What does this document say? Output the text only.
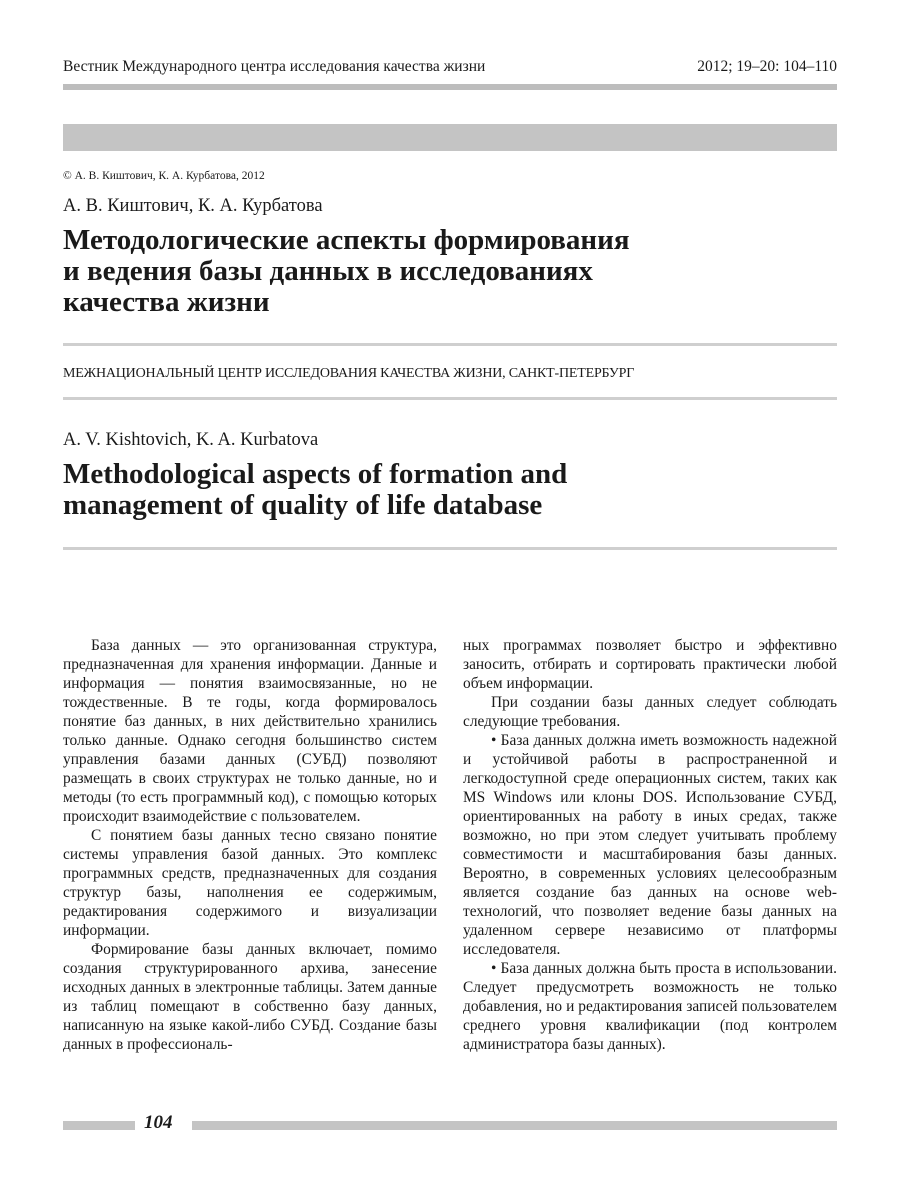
Вестник Международного центра исследования качества жизни	2012; 19–20: 104–110
© А. В. Киштович, К. А. Курбатова, 2012
А. В. Киштович, К. А. Курбатова
Методологические аспекты формирования
и ведения базы данных в исследованиях
качества жизни
МЕЖНАЦИОНАЛЬНЫЙ ЦЕНТР ИССЛЕДОВАНИЯ КАЧЕСТВА ЖИЗНИ, САНКТ-ПЕТЕРБУРГ
A. V. Kishtovich, K. A. Kurbatova
Methodological aspects of formation and
management of quality of life database

База данных — это организованная структура, предназначенная для хранения информации. Данные и информация — понятия взаимосвязанные, но не тождественные. В те годы, когда формировалось понятие баз данных, в них действительно хранились только данные. Однако сегодня большинство систем управления базами данных (СУБД) позволяют размещать в своих структурах не только данные, но и методы (то есть программный код), с помощью которых происходит взаимодействие с пользователем.

С понятием базы данных тесно связано понятие системы управления базой данных. Это комплекс программных средств, предназначенных для создания структур базы, наполнения ее содержимым, редактирования содержимого и визуализации информации.

Формирование базы данных включает, помимо создания структурированного архива, занесение исходных данных в электронные таблицы. Затем данные из таблиц помещают в собственно базу данных, написанную на языке какой-либо СУБД. Создание базы данных в профессиональ-

ных программах позволяет быстро и эффективно заносить, отбирать и сортировать практически любой объем информации.

При создании базы данных следует соблюдать следующие требования.

• База данных должна иметь возможность надежной и устойчивой работы в распространенной и легкодоступной среде операционных систем, таких как MS Windows или клоны DOS. Использование СУБД, ориентированных на работу в иных средах, также возможно, но при этом следует учитывать проблему совместимости и масштабирования базы данных. Вероятно, в современных условиях целесообразным является создание баз данных на основе web-технологий, что позволяет ведение базы данных на удаленном сервере независимо от платформы исследователя.

• База данных должна быть проста в использовании. Следует предусмотреть возможность не только добавления, но и редактирования записей пользователем среднего уровня квалификации (под контролем администратора базы данных).

104
